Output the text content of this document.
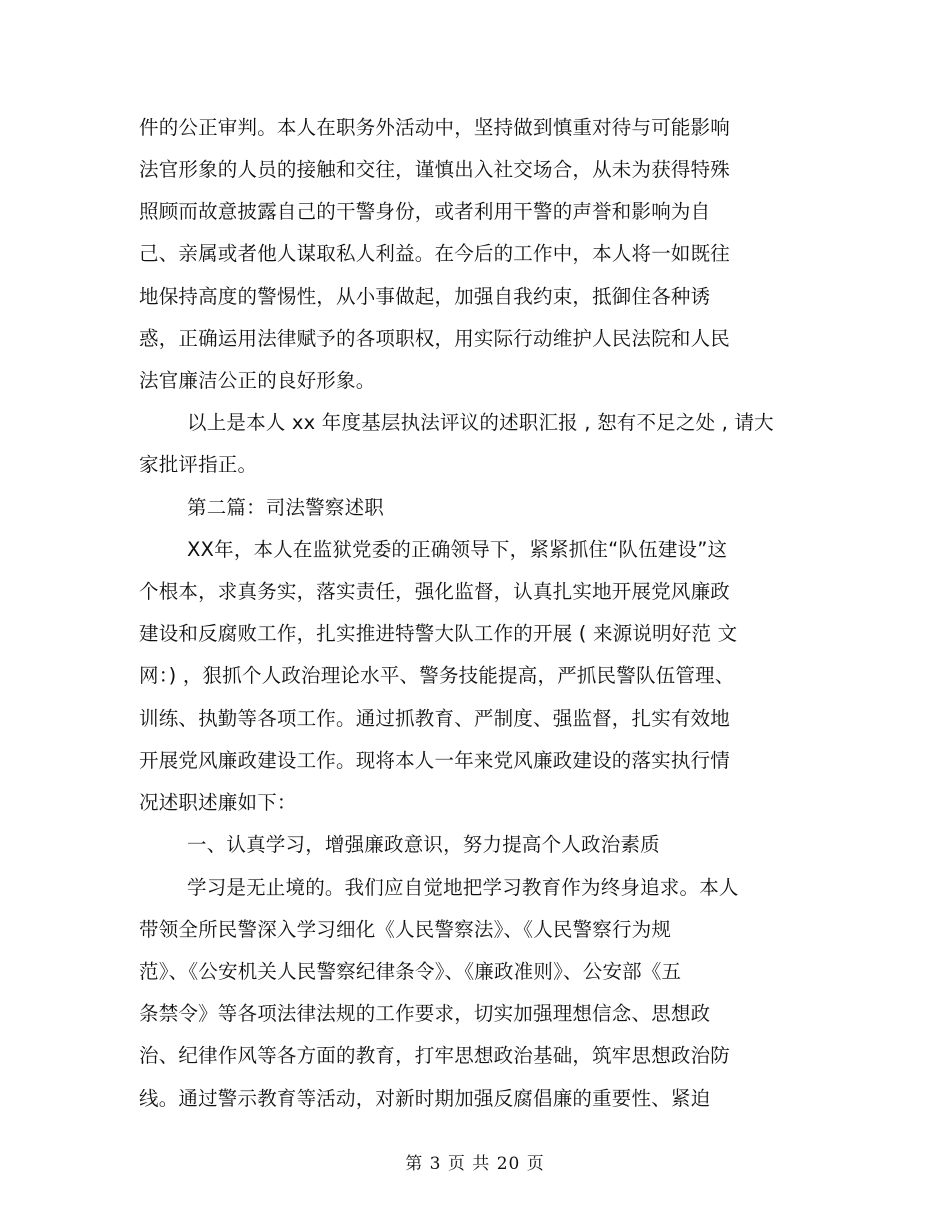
件的公正审判。本人在职务外活动中，坚持做到慎重对待与可能影响
法官形象的人员的接触和交往，谨慎出入社交场合，从未为获得特殊
照顾而故意披露自己的干警身份，或者利用干警的声誉和影响为自
己、亲属或者他人谋取私人利益。在今后的工作中，本人将一如既往
地保持高度的警惕性，从小事做起，加强自我约束，抵御住各种诱
惑，正确运用法律赋予的各项职权，用实际行动维护人民法院和人民
法官廉洁公正的良好形象。
以上是本人 xx 年度基层执法评议的述职汇报 , 恕有不足之处 , 请大
家批评指正。
第二篇：司法警察述职
XX年，本人在监狱党委的正确领导下，紧紧抓住“队伍建设”这
个根本，求真务实，落实责任，强化监督，认真扎实地开展党风廉政
建设和反腐败工作，扎实推进特警大队工作的开展 ( 来源说明好范 文
网：) ，狠抓个人政治理论水平、警务技能提高，严抓民警队伍管理、
训练、执勤等各项工作。通过抓教育、严制度、强监督，扎实有效地
开展党风廉政建设工作。现将本人一年来党风廉政建设的落实执行情
况述职述廉如下：
一、认真学习，增强廉政意识，努力提高个人政治素质
学习是无止境的。我们应自觉地把学习教育作为终身追求。本人
带领全所民警深入学习细化《人民警察法》、《人民警察行为规
范》、《公安机关人民警察纪律条令》、《廉政准则》、公安部《五
条禁令》等各项法律法规的工作要求，切实加强理想信念、思想政
治、纪律作风等各方面的教育，打牢思想政治基础，筑牢思想政治防
线。通过警示教育等活动，对新时期加强反腐倡廉的重要性、紧迫
第 3 页 共 20 页
